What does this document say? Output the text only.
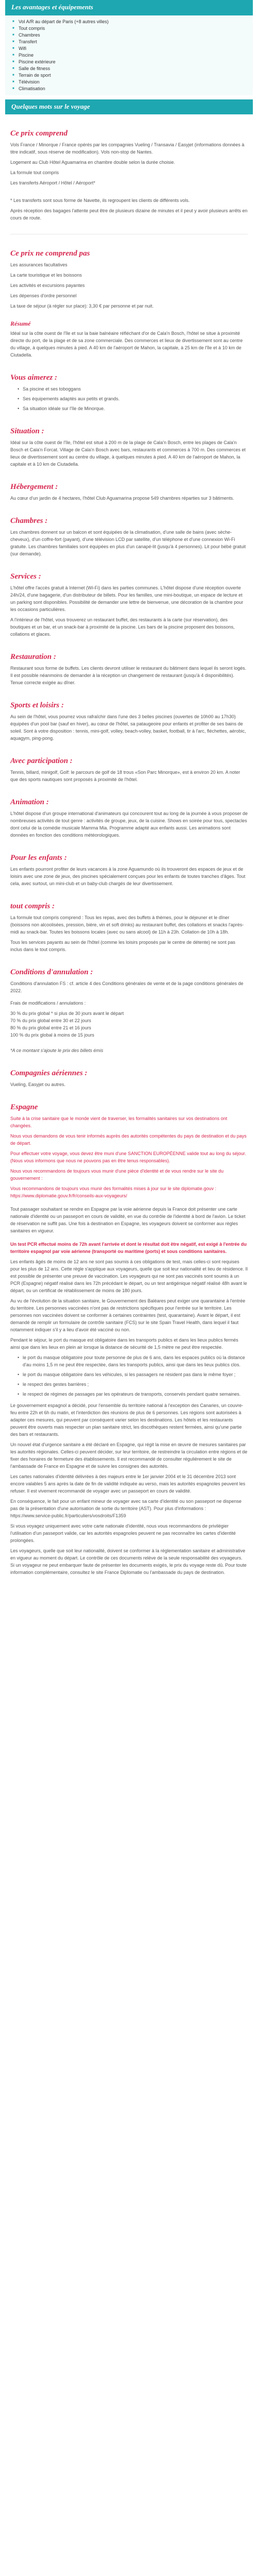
Les avantages et équipements
■ Vol A/R au départ de Paris (+8 autres villes)
■ Tout compris
■ Chambres
■ Transfert
■ Wifi
■ Piscine
■ Piscine extérieure
■ Salle de fitness
■ Terrain de sport
■ Télévision
■ Climatisation
Quelques mots sur le voyage
Ce prix comprend

Vols France / Minorque / France opérés par les compagnies Vueling / Transavia / Easyjet (informations données à titre indicatif, sous réserve de modification). Vols non-stop de Nantes.

Logement au Club Hôtel Aguamarina en chambre double selon la durée choisie.

La formule tout compris

Les transferts Aéroport / Hôtel / Aéroport*

* Les transferts sont sous forme de Navette, ils regroupent les clients de différents vols.

Après réception des bagages l'attente peut être de plusieurs dizaine de minutes et il peut y avoir plusieurs arrêts en cours de route.

Ce prix ne comprend pas

Les assurances facultatives

La carte touristique et les boissons

Les activités et excursions payantes

Les dépenses d'ordre personnel

La taxe de séjour (à régler sur place): 3,30 € par personne et par nuit.

Résumé

Idéal sur la côte ouest de l'île et sur la baie balnéaire réfléchant d'or de Cala'n Bosch, l'hôtel se situe à proximité directe du port, de la plage et de sa zone commerciale. Des commerces et lieux de divertissement sont au centre du village, à quelques minutes à pied. A 40 km de l'aéroport de Mahon, la capitale, à 25 km de l'île et à 10 km de Ciutadella.

Vous aimerez :
• Sa piscine et ses toboggans
• Ses équipements adaptés aux petits et grands.
• Sa situation idéale sur l'île de Minorque.
Situation :

Idéal sur la côte ouest de l'île, l'hôtel est situé à 200 m de la plage de Cala'n Bosch, entre les plages de Cala'n Bosch et Cala'n Forcat. Village de Cala'n Bosch avec bars, restaurants et commerces à 700 m. Des commerces et lieux de divertissement sont au centre du village, à quelques minutes à pied. A 40 km de l'aéroport de Mahon, la capitale et à 10 km de Ciutadella.

Hébergement :

Au cœur d'un jardin de 4 hectares, l'hôtel Club Aguamarina propose 549 chambres réparties sur 3 bâtiments.

Chambres :

Les chambres donnent sur un balcon et sont équipées de la climatisation, d'une salle de bains (avec sèche-cheveux), d'un coffre-fort (payant), d'une télévision LCD par satellite, d'un téléphone et d'une connexion Wi-Fi gratuite. Les chambres familiales sont équipées en plus d'un canapé-lit (jusqu'à 4 personnes). Lit pour bébé gratuit (sur demande).

Services :

L'hôtel offre l'accès gratuit à Internet (Wi-Fi) dans les parties communes. L'hôtel dispose d'une réception ouverte 24h/24, d'une bagagerie, d'un distributeur de billets. Pour les familles, une mini-boutique, un espace de lecture et un parking sont disponibles. Possibilité de demander une lettre de bienvenue, une décoration de la chambre pour les occasions particulières.

A l'intérieur de l'hôtel, vous trouverez un restaurant buffet, des restaurants à la carte (sur réservation), des boutiques et un bar, et un snack-bar à proximité de la piscine. Les bars de la piscine proposent des boissons, collations et glaces.

Restauration :

Restaurant sous forme de buffets. Les clients devront utiliser le restaurant du bâtiment dans lequel ils seront logés. Il est possible néanmoins de demander à la réception un changement de restaurant (jusqu'à 4 disponibilités). Tenue correcte exigée au dîner.

Sports et loisirs :

Au sein de l'hôtel, vous pourrez vous rafraîchir dans l'une des 3 belles piscines (ouvertes de 10h00 au 17h30) équipées d'un pool bar (sauf en hiver), au cœur de l'hôtel, sa pataugeoire pour enfants et profiter de ses bains de soleil. Sont à votre disposition : tennis, mini-golf, volley, beach-volley, basket, football, tir à l'arc, fléchettes, aérobic, aquagym, ping-pong.

Avec participation :

Tennis, billard, minigolf, Golf: le parcours de golf de 18 trous «Son Parc Minorque», est à environ 20 km. A noter que des sports nautiques sont proposés à proximité de l'hôtel.

Animation :

L'hôtel dispose d'un groupe international d'animateurs qui concourent tout au long de la journée à vous proposer de nombreuses activités de tout genre : activités de groupe, jeux, de la cuisine. Shows en soirée pour tous, spectacles dont celui de la comédie musicale Mamma Mia. Programme adapté aux enfants aussi. Les animations sont données en fonction des conditions météorologiques.

Pour les enfants :

Les enfants pourront profiter de leurs vacances à la zone Aguamundo où ils trouveront des espaces de jeux et de loisirs avec une zone de jeux, des piscines spécialement conçues pour les enfants de toutes tranches d'âges. Tout cela, avec surtout, un mini-club et un baby-club chargés de leur divertissement.

tout compris :

La formule tout compris comprend : Tous les repas, avec des buffets à thèmes, pour le déjeuner et le dîner (boissons non alcoolisées, pression, bière, vin et soft drinks) au restaurant buffet, des collations et snacks l'après-midi au snack-bar. Toutes les boissons locales (avec ou sans alcool) de 11h à 23h. Collation de 10h à 18h.

Tous les services payants au sein de l'hôtel (comme les loisirs proposés par le centre de détente) ne sont pas inclus dans le tout compris.

Conditions d'annulation :

Conditions d'annulation FS : cf. article 4 des Conditions générales de vente et de la page conditions générales de 2022.

Frais de modifications / annulations :

30 % du prix global * si plus de 30 jours avant le départ

70 % du prix global entre 30 et 22 jours

80 % du prix global entre 21 et 16 jours

100 % du prix global à moins de 15 jours

*A ce montant s'ajoute le prix des billets émis

Compagnies aériennes :

Vueling, Easyjet ou autres.

Espagne

Suite à la crise sanitaire que le monde vient de traverser, les formalités sanitaires sur vos destinations ont changées.

Nous vous demandons de vous tenir informés auprès des autorités compétentes du pays de destination et du pays de départ.

Pour effectuer votre voyage, vous devez être muni d'une SANCTION EUROPÉENNE valide tout au long du séjour. (Nous vous informons que nous ne pouvons pas en être tenus responsables).

Nous vous recommandons de toujours vous munir d'une pièce d'identité et de vous rendre sur le site du gouvernement :

Vous recommandons de toujours vous munir des formalités mises à jour sur le site diplomatie.gouv : https://www.diplomatie.gouv.fr/fr/conseils-aux-voyageurs/

Tout passager souhaitant se rendre en Espagne par la voie aérienne depuis la France doit présenter une carte nationale d'identité ou un passeport en cours de validité, en vue du contrôle de l'identité à bord de l'avion. Le ticket de réservation ne suffit pas. Une fois à destination en Espagne, les voyageurs doivent se conformer aux règles sanitaires en vigueur.

Un test PCR effectué moins de 72h avant l'arrivée et dont le résultat doit être négatif, est exigé à l'entrée du territoire espagnol par voie aérienne (transporté ou maritime (ports) et sous conditions sanitaires.

Les enfants âgés de moins de 12 ans ne sont pas soumis à ces obligations de test, mais celles-ci sont requises pour les plus de 12 ans. Cette règle s'applique aux voyageurs, quelle que soit leur nationalité et lieu de résidence. Il est possible de présenter une preuve de vaccination. Les voyageurs qui ne sont pas vaccinés sont soumis à un PCR (Espagne) négatif réalisé dans les 72h précédant le départ, ou un test antigénique négatif réalisé 48h avant le départ, ou un certificat de rétablissement de moins de 180 jours.

Au vu de l'évolution de la situation sanitaire, le Gouvernement des Baléares peut exiger une quarantaine à l'entrée du territoire. Les personnes vaccinées n'ont pas de restrictions spécifiques pour l'entrée sur le territoire. Les personnes non vaccinées doivent se conformer à certaines contraintes (test, quarantaine). Avant le départ, il est demandé de remplir un formulaire de contrôle sanitaire (FCS) sur le site Spain Travel Health, dans lequel il faut notamment indiquer s'il y a lieu d'avoir été vacciné ou non.

Pendant le séjour, le port du masque est obligatoire dans les transports publics et dans les lieux publics fermés ainsi que dans les lieux en plein air lorsque la distance de sécurité de 1,5 mètre ne peut être respectée.

• le port du masque obligatoire pour toute personne de plus de 6 ans, dans les espaces publics où la distance d'au moins 1,5 m ne peut être respectée, dans les transports publics, ainsi que dans les lieux publics clos.
• le port du masque obligatoire dans les véhicules, si les passagers ne résident pas dans le même foyer ;
• le respect des gestes barrières ;
• le respect de régimes de passages par les opérateurs de transports, conservés pendant quatre semaines.

Le gouvernement espagnol a décidé, pour l'ensemble du territoire national à l'exception des Canaries, un couvre-feu entre 22h et 6h du matin, et l'interdiction des réunions de plus de 6 personnes. Les régions sont autorisées à adapter ces mesures, qui peuvent par conséquent varier selon les destinations. Les hôtels et les restaurants peuvent être ouverts mais respecter un plan sanitaire strict, les discothèques restent fermées, ainsi qu'une partie des bars et restaurants.

Un nouvel état d'urgence sanitaire a été déclaré en Espagne, qui régit la mise en œuvre de mesures sanitaires par les autorités régionales. Celles-ci peuvent décider, sur leur territoire, de restreindre la circulation entre régions et de fixer des horaires de fermeture des établissements. Il est recommandé de consulter régulièrement le site de l'ambassade de France en Espagne et de suivre les consignes des autorités.

Les cartes nationales d'identité délivrées à des majeurs entre le 1er janvier 2004 et le 31 décembre 2013 sont encore valables 5 ans après la date de fin de validité indiquée au verso, mais les autorités espagnoles peuvent les refuser. Il est vivement recommandé de voyager avec un passeport en cours de validité.

En conséquence, le fait pour un enfant mineur de voyager avec sa carte d'identité ou son passeport ne dispense pas de la présentation d'une autorisation de sortie du territoire (AST). Pour plus d'informations : https://www.service-public.fr/particuliers/vosdroits/F1359

Si vous voyagez uniquement avec votre carte nationale d'identité, nous vous recommandons de privilégier l'utilisation d'un passeport valide, car les autorités espagnoles peuvent ne pas reconnaître les cartes d'identité prolongées.

Les voyageurs, quelle que soit leur nationalité, doivent se conformer à la réglementation sanitaire et administrative en vigueur au moment du départ. Le contrôle de ces documents relève de la seule responsabilité des voyageurs. Si un voyageur ne peut embarquer faute de présenter les documents exigés, le prix du voyage reste dû. Pour toute information complémentaire, consultez le site France Diplomatie ou l'ambassade du pays de destination.
